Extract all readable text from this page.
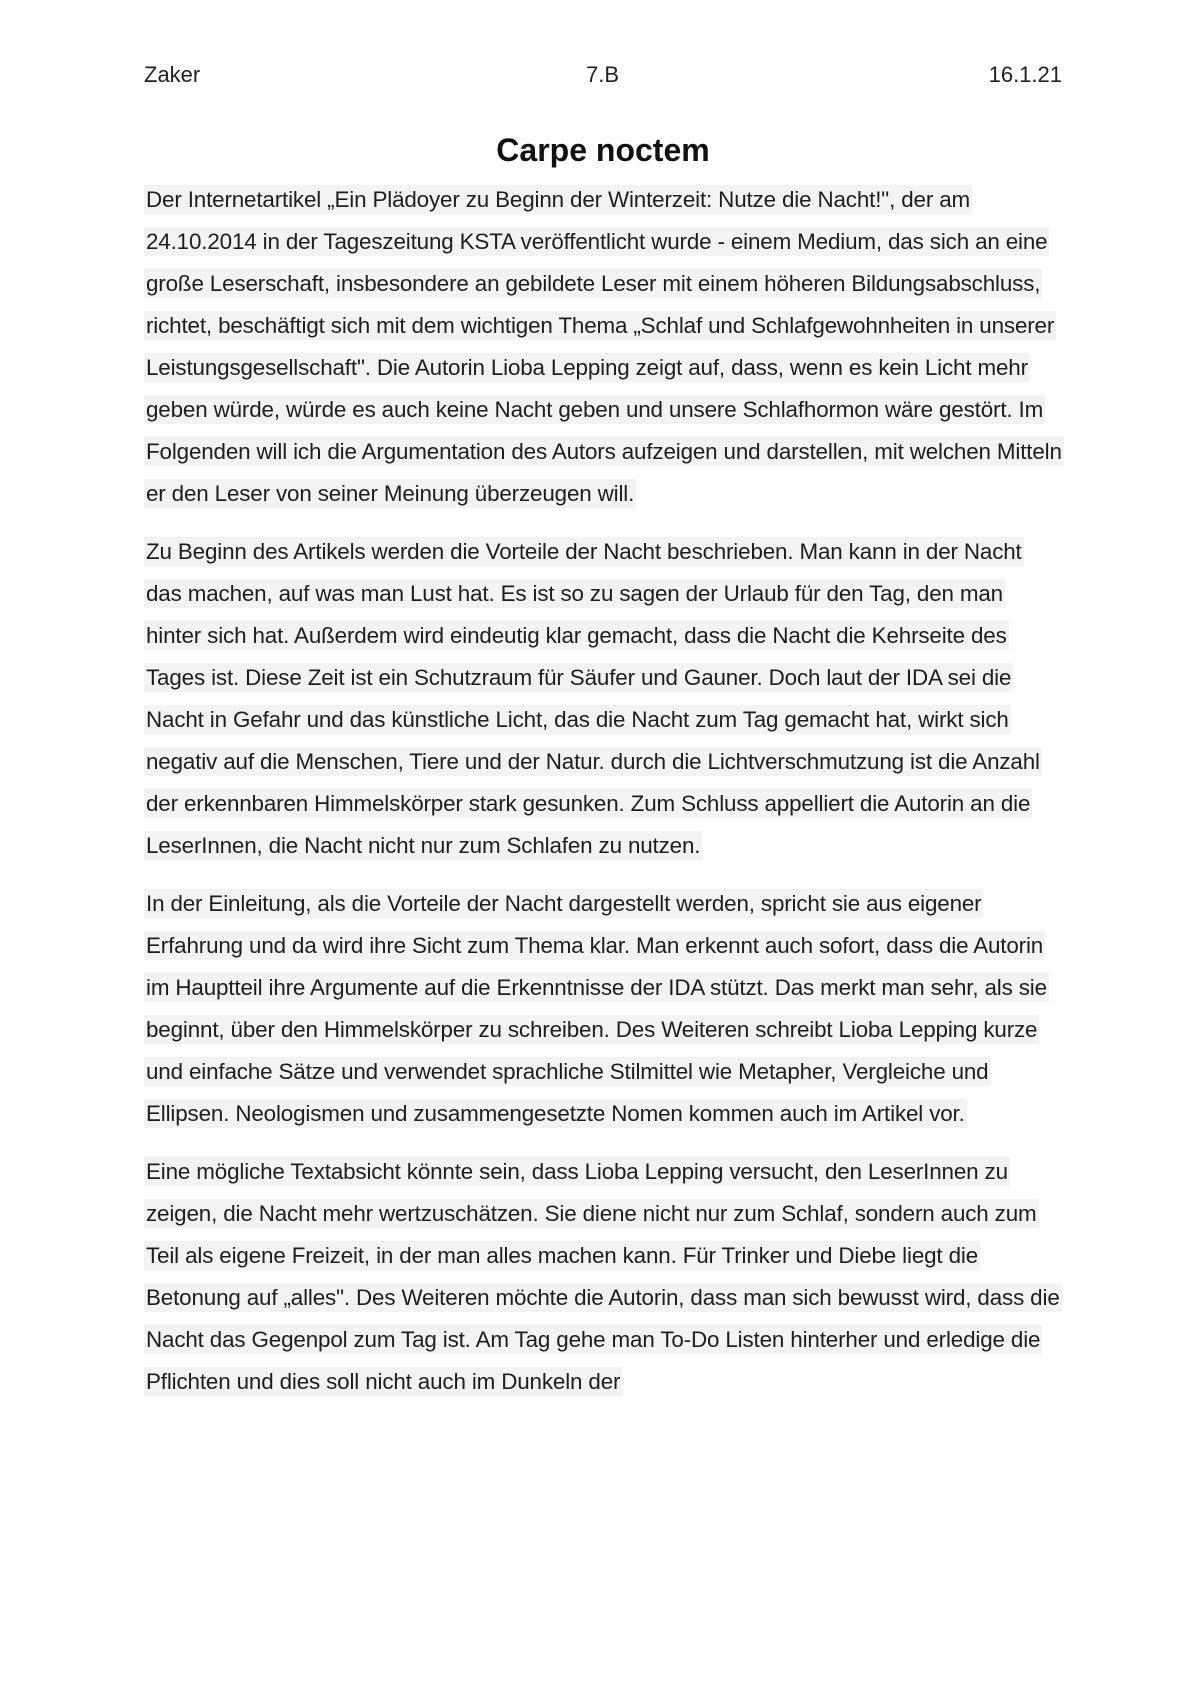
Zaker	7.B	16.1.21
Carpe noctem

Der Internetartikel „Ein Plädoyer zu Beginn der Winterzeit: Nutze die Nacht!", der am 24.10.2014 in der Tageszeitung KSTA veröffentlicht wurde - einem Medium, das sich an eine große Leserschaft, insbesondere an gebildete Leser mit einem höheren Bildungsabschluss, richtet, beschäftigt sich mit dem wichtigen Thema „Schlaf und Schlafgewohnheiten in unserer Leistungsgesellschaft". Die Autorin Lioba Lepping zeigt auf, dass, wenn es kein Licht mehr geben würde, würde es auch keine Nacht geben und unsere Schlafhormon wäre gestört. Im Folgenden will ich die Argumentation des Autors aufzeigen und darstellen, mit welchen Mitteln er den Leser von seiner Meinung überzeugen will.

Zu Beginn des Artikels werden die Vorteile der Nacht beschrieben. Man kann in der Nacht das machen, auf was man Lust hat. Es ist so zu sagen der Urlaub für den Tag, den man hinter sich hat. Außerdem wird eindeutig klar gemacht, dass die Nacht die Kehrseite des Tages ist. Diese Zeit ist ein Schutzraum für Säufer und Gauner. Doch laut der IDA sei die Nacht in Gefahr und das künstliche Licht, das die Nacht zum Tag gemacht hat, wirkt sich negativ auf die Menschen, Tiere und der Natur. durch die Lichtverschmutzung ist die Anzahl der erkennbaren Himmelskörper stark gesunken. Zum Schluss appelliert die Autorin an die LeserInnen, die Nacht nicht nur zum Schlafen zu nutzen.

In der Einleitung, als die Vorteile der Nacht dargestellt werden, spricht sie aus eigener Erfahrung und da wird ihre Sicht zum Thema klar. Man erkennt auch sofort, dass die Autorin im Hauptteil ihre Argumente auf die Erkenntnisse der IDA stützt. Das merkt man sehr, als sie beginnt, über den Himmelskörper zu schreiben. Des Weiteren schreibt Lioba Lepping kurze und einfache Sätze und verwendet sprachliche Stilmittel wie Metapher, Vergleiche und Ellipsen. Neologismen und zusammengesetzte Nomen kommen auch im Artikel vor.

Eine mögliche Textabsicht könnte sein, dass Lioba Lepping versucht, den LeserInnen zu zeigen, die Nacht mehr wertzuschätzen. Sie diene nicht nur zum Schlaf, sondern auch zum Teil als eigene Freizeit, in der man alles machen kann. Für Trinker und Diebe liegt die Betonung auf „alles". Des Weiteren möchte die Autorin, dass man sich bewusst wird, dass die Nacht das Gegenpol zum Tag ist. Am Tag gehe man To-Do Listen hinterher und erledige die Pflichten und dies soll nicht auch im Dunkeln der
